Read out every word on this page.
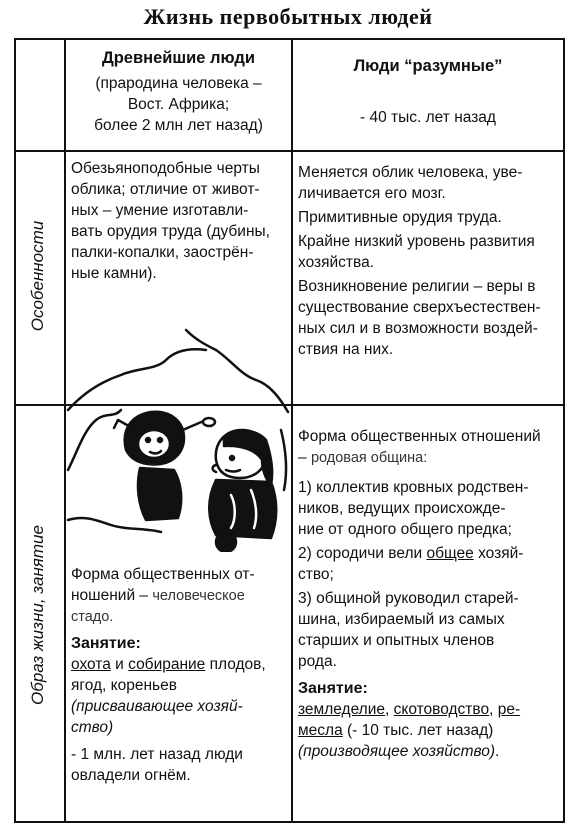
Жизнь первобытных людей

Древнейшие люди

(прародина человека –

Вост. Африка;

более 2 млн лет назад)

Люди “разумные”

- 40 тыс. лет назад

Особенности
Образ жизни, занятие

Обезьяноподобные черты

облика; отличие от живот-

ных – умение изготавли-

вать орудия труда (дубины,

палки-копалки, заострён-

ные камни).

Меняется облик человека, уве-

личивается его мозг.

Примитивные орудия труда.

Крайне низкий уровень развития

хозяйства.

Возникновение религии – веры в

существование сверхъестествен-

ных сил и в возможности воздей-

ствия на них.

Форма общественных от-

ношений – человеческое

стадо.

Занятие:

охота и собирание плодов,

ягод, кореньев

(присваивающее хозяй-

ство)

- 1 млн. лет назад люди

овладели огнём.

Форма общественных отношений

– родовая община:

1) коллектив кровных родствен-

ников, ведущих происхожде-

ние от одного общего предка;

2) сородичи вели общее хозяй-

ство;

3) общиной руководил старей-

шина, избираемый из самых

старших и опытных членов

рода.

Занятие:

земледелие, скотоводство, ре-

месла (- 10 тыс. лет назад)

(производящее хозяйство).
